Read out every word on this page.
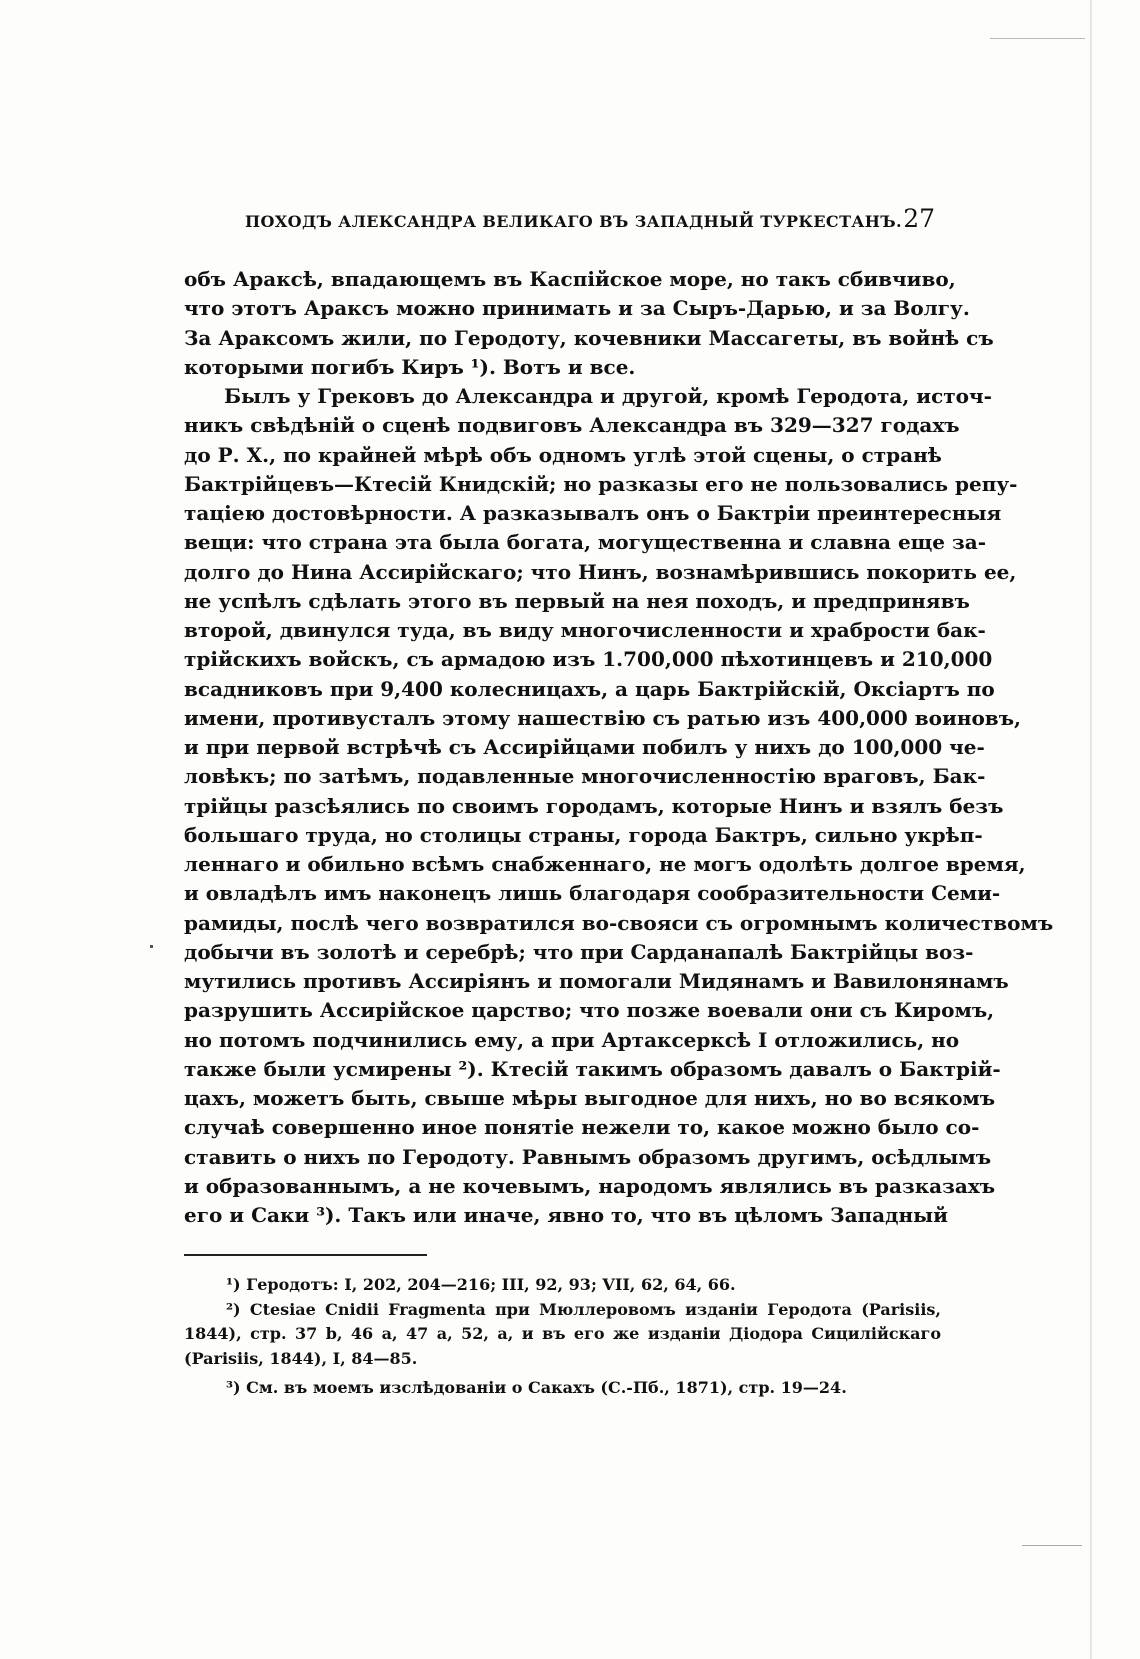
ПОХОДЪ АЛЕКСАНДРА ВЕЛИКАГО ВЪ ЗАПАДНЫЙ ТУРКЕСТАНЪ. 27
объ Араксѣ, впадающемъ въ Каспійское море, но такъ сбивчиво,
что этотъ Араксъ можно принимать и за Сыръ-Дарью, и за Волгу.
За Араксомъ жили, по Геродоту, кочевники Массагеты, въ войнѣ съ
которыми погибъ Киръ ¹). Вотъ и все.
Былъ у Грековъ до Александра и другой, кромѣ Геродота, источ-
никъ свѣдѣній о сценѣ подвиговъ Александра въ 329—327 годахъ
до Р. Х., по крайней мѣрѣ объ одномъ углѣ этой сцены, о странѣ
Бактрійцевъ—Ктесій Книдскій; но разказы его не пользовались репу-
таціею достовѣрности. А разказывалъ онъ о Бактріи преинтересныя
вещи: что страна эта была богата, могущественна и славна еще за-
долго до Нина Ассирійскаго; что Нинъ, вознамѣрившись покорить ее,
не успѣлъ сдѣлать этого въ первый на нея походъ, и предпринявъ
второй, двинулся туда, въ виду многочисленности и храбрости бак-
трійскихъ войскъ, съ армадою изъ 1.700,000 пѣхотинцевъ и 210,000
всадниковъ при 9,400 колесницахъ, а царь Бактрійскій, Оксіартъ по
имени, противусталъ этому нашествію съ ратью изъ 400,000 воиновъ,
и при первой встрѣчѣ съ Ассирійцами побилъ у нихъ до 100,000 че-
ловѣкъ; по затѣмъ, подавленные многочисленностію враговъ, Бак-
трійцы разсѣялись по своимъ городамъ, которые Нинъ и взялъ безъ
большаго труда, но столицы страны, города Бактръ, сильно укрѣп-
леннаго и обильно всѣмъ снабженнаго, не могъ одолѣть долгое время,
и овладѣлъ имъ наконецъ лишь благодаря сообразительности Семи-
рамиды, послѣ чего возвратился во-свояси съ огромнымъ количествомъ
добычи въ золотѣ и серебрѣ; что при Сарданапалѣ Бактрійцы воз-
мутились противъ Ассиріянъ и помогали Мидянамъ и Вавилонянамъ
разрушить Ассирійское царство; что позже воевали они съ Киромъ,
но потомъ подчинились ему, а при Артаксерксѣ I отложились, но
также были усмирены ²). Ктесій такимъ образомъ давалъ о Бактрій-
цахъ, можетъ быть, свыше мѣры выгодное для нихъ, но во всякомъ
случаѣ совершенно иное понятіе нежели то, какое можно было со-
ставить о нихъ по Геродоту. Равнымъ образомъ другимъ, осѣдлымъ
и образованнымъ, а не кочевымъ, народомъ являлись въ разказахъ
его и Саки ³). Такъ или иначе, явно то, что въ цѣломъ Западный
¹) Геродотъ: I, 202, 204—216; III, 92, 93; VII, 62, 64, 66.
²) Ctesiae Cnidii Fragmenta при Мюллеровомъ изданіи Геродота (Parisiis,
1844), стр. 37 b, 46 a, 47 a, 52, a, и въ его же изданіи Діодора Сицилійскаго
(Parisiis, 1844), I, 84—85.
³) См. въ моемъ изслѣдованіи о Сакахъ (С.-Пб., 1871), стр. 19—24.
